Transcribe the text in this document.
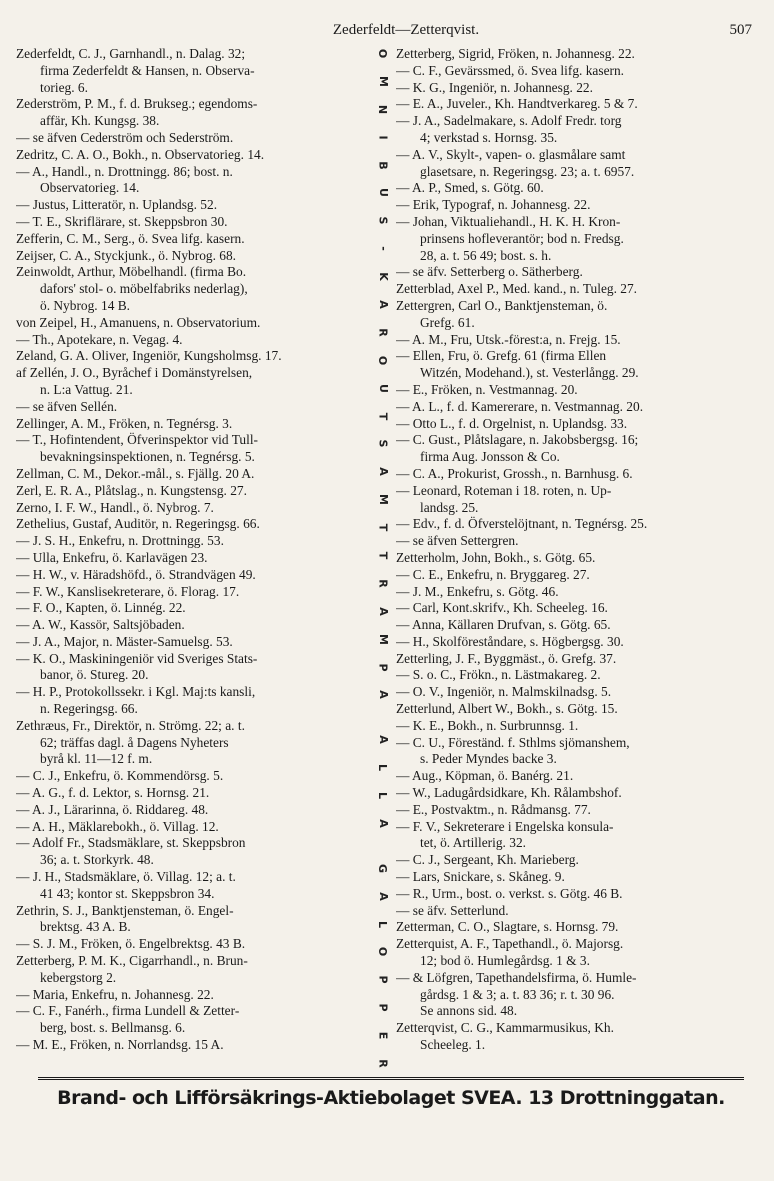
Zederfeldt—Zetterqvist.	507
Zederfeldt, C. J., Garnhandl., n. Dalag. 32;
firma Zederfeldt & Hansen, n. Observa-
torieg. 6.
Zederström, P. M., f. d. Brukseg.; egendoms-
affär, Kh. Kungsg. 38.
— se äfven Cederström och Sederström.
Zedritz, C. A. O., Bokh., n. Observatorieg. 14.
— A., Handl., n. Drottningg. 86; bost. n.
Observatorieg. 14.
— Justus, Litteratör, n. Uplandsg. 52.
— T. E., Skriflärare, st. Skeppsbron 30.
Zefferin, C. M., Serg., ö. Svea lifg. kasern.
Zeijser, C. A., Styckjunk., ö. Nybrog. 68.
Zeinwoldt, Arthur, Möbelhandl. (firma Bo.
dafors' stol- o. möbelfabriks nederlag),
ö. Nybrog. 14 B.
von Zeipel, H., Amanuens, n. Observatorium.
— Th., Apotekare, n. Vegag. 4.
Zeland, G. A. Oliver, Ingeniör, Kungsholmsg. 17.
af Zellén, J. O., Byråchef i Domänstyrelsen,
n. L:a Vattug. 21.
— se äfven Sellén.
Zellinger, A. M., Fröken, n. Tegnérsg. 3.
— T., Hofintendent, Öfverinspektor vid Tull-
bevakningsinspektionen, n. Tegnérsg. 5.
Zellman, C. M., Dekor.-mål., s. Fjällg. 20 A.
Zerl, E. R. A., Plåtslag., n. Kungstensg. 27.
Zerno, I. F. W., Handl., ö. Nybrog. 7.
Zethelius, Gustaf, Auditör, n. Regeringsg. 66.
— J. S. H., Enkefru, n. Drottningg. 53.
— Ulla, Enkefru, ö. Karlavägen 23.
— H. W., v. Häradshöfd., ö. Strandvägen 49.
— F. W., Kanslisekreterare, ö. Florag. 17.
— F. O., Kapten, ö. Linnég. 22.
— A. W., Kassör, Saltsjöbaden.
— J. A., Major, n. Mäster-Samuelsg. 53.
— K. O., Maskiningeniör vid Sveriges Stats-
banor, ö. Stureg. 20.
— H. P., Protokollssekr. i Kgl. Maj:ts kansli,
n. Regeringsg. 66.
Zethræus, Fr., Direktör, n. Strömg. 22; a. t.
62; träffas dagl. å Dagens Nyheters
byrå kl. 11—12 f. m.
— C. J., Enkefru, ö. Kommendörsg. 5.
— A. G., f. d. Lektor, s. Hornsg. 21.
— A. J., Lärarinna, ö. Riddareg. 48.
— A. H., Mäklarebokh., ö. Villag. 12.
— Adolf Fr., Stadsmäklare, st. Skeppsbron
36; a. t. Storkyrk. 48.
— J. H., Stadsmäklare, ö. Villag. 12; a. t.
41 43; kontor st. Skeppsbron 34.
Zethrin, S. J., Banktjensteman, ö. Engel-
brektsg. 43 A. B.
— S. J. M., Fröken, ö. Engelbrektsg. 43 B.
Zetterberg, P. M. K., Cigarrhandl., n. Brun-
kebergstorg 2.
— Maria, Enkefru, n. Johannesg. 22.
— C. F., Fanérh., firma Lundell & Zetter-
berg, bost. s. Bellmansg. 6.
— M. E., Fröken, n. Norrlandsg. 15 A.
O
M
N
I
B
U
S
-
K
A
R
O
U
T
S
A
M
T
T
R
A
M
P
A
A
L
L
A
G
A
L
O
P
P
E
R
Zetterberg, Sigrid, Fröken, n. Johannesg. 22.
— C. F., Gevärssmed, ö. Svea lifg. kasern.
— K. G., Ingeniör, n. Johannesg. 22.
— E. A., Juveler., Kh. Handtverkareg. 5 & 7.
— J. A., Sadelmakare, s. Adolf Fredr. torg
4; verkstad s. Hornsg. 35.
— A. V., Skylt-, vapen- o. glasmålare samt
glasetsare, n. Regeringsg. 23; a. t. 6957.
— A. P., Smed, s. Götg. 60.
— Erik, Typograf, n. Johannesg. 22.
— Johan, Viktualiehandl., H. K. H. Kron-
prinsens hofleverantör; bod n. Fredsg.
28, a. t. 56 49; bost. s. h.
— se äfv. Setterberg o. Sätherberg.
Zetterblad, Axel P., Med. kand., n. Tuleg. 27.
Zettergren, Carl O., Banktjensteman, ö.
Grefg. 61.
— A. M., Fru, Utsk.-förest:a, n. Frejg. 15.
— Ellen, Fru, ö. Grefg. 61 (firma Ellen
Witzén, Modehand.), st. Vesterlångg. 29.
— E., Fröken, n. Vestmannag. 20.
— A. L., f. d. Kamererare, n. Vestmannag. 20.
— Otto L., f. d. Orgelnist, n. Uplandsg. 33.
— C. Gust., Plåtslagare, n. Jakobsbergsg. 16;
firma Aug. Jonsson & Co.
— C. A., Prokurist, Grossh., n. Barnhusg. 6.
— Leonard, Roteman i 18. roten, n. Up-
landsg. 25.
— Edv., f. d. Öfverstelöjtnant, n. Tegnérsg. 25.
— se äfven Settergren.
Zetterholm, John, Bokh., s. Götg. 65.
— C. E., Enkefru, n. Bryggareg. 27.
— J. M., Enkefru, s. Götg. 46.
— Carl, Kont.skrifv., Kh. Scheeleg. 16.
— Anna, Källaren Drufvan, s. Götg. 65.
— H., Skolföreståndare, s. Högbergsg. 30.
Zetterling, J. F., Byggmäst., ö. Grefg. 37.
— S. o. C., Frökn., n. Lästmakareg. 2.
— O. V., Ingeniör, n. Malmskilnadsg. 5.
Zetterlund, Albert W., Bokh., s. Götg. 15.
— K. E., Bokh., n. Surbrunnsg. 1.
— C. U., Föreständ. f. Sthlms sjömanshem,
s. Peder Myndes backe 3.
— Aug., Köpman, ö. Banérg. 21.
— W., Ladugårdsidkare, Kh. Rålambshof.
— E., Postvaktm., n. Rådmansg. 77.
— F. V., Sekreterare i Engelska konsula-
tet, ö. Artillerig. 32.
— C. J., Sergeant, Kh. Marieberg.
— Lars, Snickare, s. Skåneg. 9.
— R., Urm., bost. o. verkst. s. Götg. 46 B.
— se äfv. Setterlund.
Zetterman, C. O., Slagtare, s. Hornsg. 79.
Zetterquist, A. F., Tapethandl., ö. Majorsg.
12; bod ö. Humlegårdsg. 1 & 3.
— & Löfgren, Tapethandelsfirma, ö. Humle-
gårdsg. 1 & 3; a. t. 83 36; r. t. 30 96.
Se annons sid. 48.
Zetterqvist, C. G., Kammarmusikus, Kh.
Scheeleg. 1.
Brand- och Lifförsäkrings-Aktiebolaget SVEA. 13 Drottninggatan.
